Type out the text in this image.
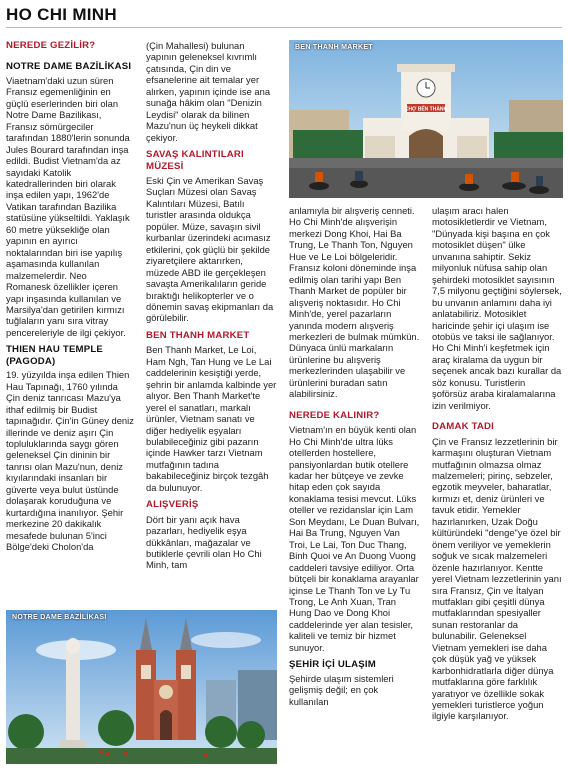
HO CHI MINH
NEREDE GEZİLİR?
NOTRE DAME BAZİLİKASI
Viaetnam'daki uzun süren Fransız egemenliğinin en güçlü eserlerinden biri olan Notre Dame Bazilikası, Fransız sömürgeciler tarafından 1880'lerin sonunda Jules Bourard tarafından inşa edildi. Budist Vietnam'da az sayıdaki Katolik katedrallerinden biri olarak inşa edilen yapı, 1962'de Vatikan tarafından Bazilika statüsüne yükseltildi. Yaklaşık 60 metre yüksekliğe olan yapının en ayırıcı noktalarından biri ise yapılış aşamasında kullanılan malzemelerdir. Neo Romanesk özellikler içeren yapı inşasında kullanılan ve Marsilya'dan getirilen kırmızı tuğlaların yanı sıra vitray pencereleriyle de ilgi çekiyor.
THIEN HAU TEMPLE (PAGODA)
19. yüzyılda inşa edilen Thien Hau Tapınağı, 1760 yılında Çin deniz tanrıcası Mazu'ya ithaf edilmiş bir Budist tapınağıdır. Çin'in Güney deniz illerinde ve deniz aşırı Çin topluluklarında saygı gören geleneksel Çin dininin bir tanrısı olan Mazu'nun, deniz kıyılarındaki insanları bir güverte veya bulut üstünde dolaşarak koruduğuna ve kurtardığına inanılıyor. Şehir merkezine 20 dakikalık mesafede bulunan 5'inci Bölge'deki Cholon'da
(Çin Mahallesi) bulunan yapının geleneksel kıvrımlı çatısında, Çin din ve efsanelerine ait temalar yer alırken, yapının içinde ise ana sunağa hâkim olan "Denizin Leydisi" olarak da bilinen Mazu'nun üç heykeli dikkat çekiyor.
SAVAŞ KALINTILARI MÜZESİ
Eski Çin ve Amerikan Savaş Suçları Müzesi olan Savaş Kalıntıları Müzesi, Batılı turistler arasında oldukça popüler. Müze, savaşın sivil kurbanlar üzerindeki acımasız etkilerini, çok güçlü bir şekilde ziyaretçilere aktarırken, müzede ABD ile gerçekleşen savaşta Amerikalıların geride bıraktığı helikopterler ve o dönemin savaş ekipmanları da görülebilir.
BEN THANH MARKET
Ben Thanh Market, Le Loi, Ham Ngh, Tan Hung ve Le Lai caddelerinin kesiştiği yerde, şehrin bir anlamda kalbinde yer alıyor. Ben Thanh Market'te yerel el sanatları, markalı ürünler, Vietnam sanatı ve diğer hediyelik eşyaları bulabileceğiniz gibi pazarın içinde Hawker tarzı Vietnam mutfağının tadına bakabileceğiniz birçok tezgâh da bulunuyor.
ALIŞVERİŞ
Dört bir yanı açık hava pazarları, hediyelik eşya dükkânları, mağazalar ve butiklerle çevrili olan Ho Chi Minh, tam
anlamıyla bir alışveriş cenneti. Ho Chi Minh'de alışverişin merkezi Dong Khoi, Hai Ba Trung, Le Thanh Ton, Nguyen Hue ve Le Loi bölgeleridir. Fransız koloni döneminde inşa edilmiş olan tarihi yapı Ben Thanh Market de popüler bir alışveriş noktasıdır. Ho Chi Minh'de, yerel pazarların yanında modern alışveriş merkezleri de bulmak mümkün. Dünyaca ünlü markaların ürünlerine bu alışveriş merkezlerinden ulaşabilir ve ürünlerini buradan satın alabilirsiniz.
NEREDE KALINIR?
Vietnam'ın en büyük kenti olan Ho Chi Minh'de ultra lüks otellerden hostellere, pansiyonlardan butik otellere kadar her bütçeye ve zevke hitap eden çok sayıda konaklama tesisi mevcut. Lüks oteller ve rezidanslar için Lam Son Meydanı, Le Duan Bulvarı, Hai Ba Trung, Nguyen Van Troi, Le Lai, Ton Duc Thang, Binh Quoi ve An Duong Vuong caddeleri tavsiye ediliyor. Orta bütçeli bir konaklama arayanlar içinse Le Thanh Ton ve Ly Tu Trong, Le Anh Xuan, Tran Hung Dao ve Dong Khoi caddelerinde yer alan tesisler, kaliteli ve temiz bir hizmet sunuyor.
ŞEHİR İÇİ ULAŞIM
Şehirde ulaşım sistemleri gelişmiş değil; en çok kullanılan
ulaşım aracı halen motosikletlerdir ve Vietnam, "Dünyada kişi başına en çok motosiklet düşen" ülke unvanına sahiptir. Sekiz milyonluk nüfusa sahip olan şehirdeki motosiklet sayısının 7,5 milyonu geçtiğini söylersek, bu unvanın anlamını daha iyi anlatabiliriz. Motosiklet haricinde şehir içi ulaşım ise otobüs ve taksi ile sağlanıyor. Ho Chi Minh'i keşfetmek için araç kiralama da uygun bir seçenek ancak bazı kurallar da söz konusu. Turistlerin şoförsüz araba kiralamalarına izin verilmiyor.
DAMAK TADI
Çin ve Fransız lezzetlerinin bir karmaşını oluşturan Vietnam mutfağının olmazsa olmaz malzemeleri; pirinç, sebzeler, egzotik meyveler, baharatlar, kırmızı et, deniz ürünleri ve tavuk etidir. Yemekler hazırlanırken, Uzak Doğu kültüründeki "denge"ye özel bir önem veriliyor ve yemeklerin soğuk ve sıcak malzemeleri özenle hazırlanıyor. Kentte yerel Vietnam lezzetlerinin yanı sıra Fransız, Çin ve İtalyan mutfakları gibi çeşitli dünya mutfaklarından spesiyaller sunan restoranlar da bulunabilir. Geleneksel Vietnam yemekleri ise daha çok düşük yağ ve yüksek karbonhidratlarla diğer dünya mutfaklarına göre farklılık yaratıyor ve özellikle sokak yemekleri turistlerce yoğun ilgiyle karşılanıyor.
CHỢ BẾN THÀNH
BEN THANH MARKET
NOTRE DAME BAZİLİKASI
